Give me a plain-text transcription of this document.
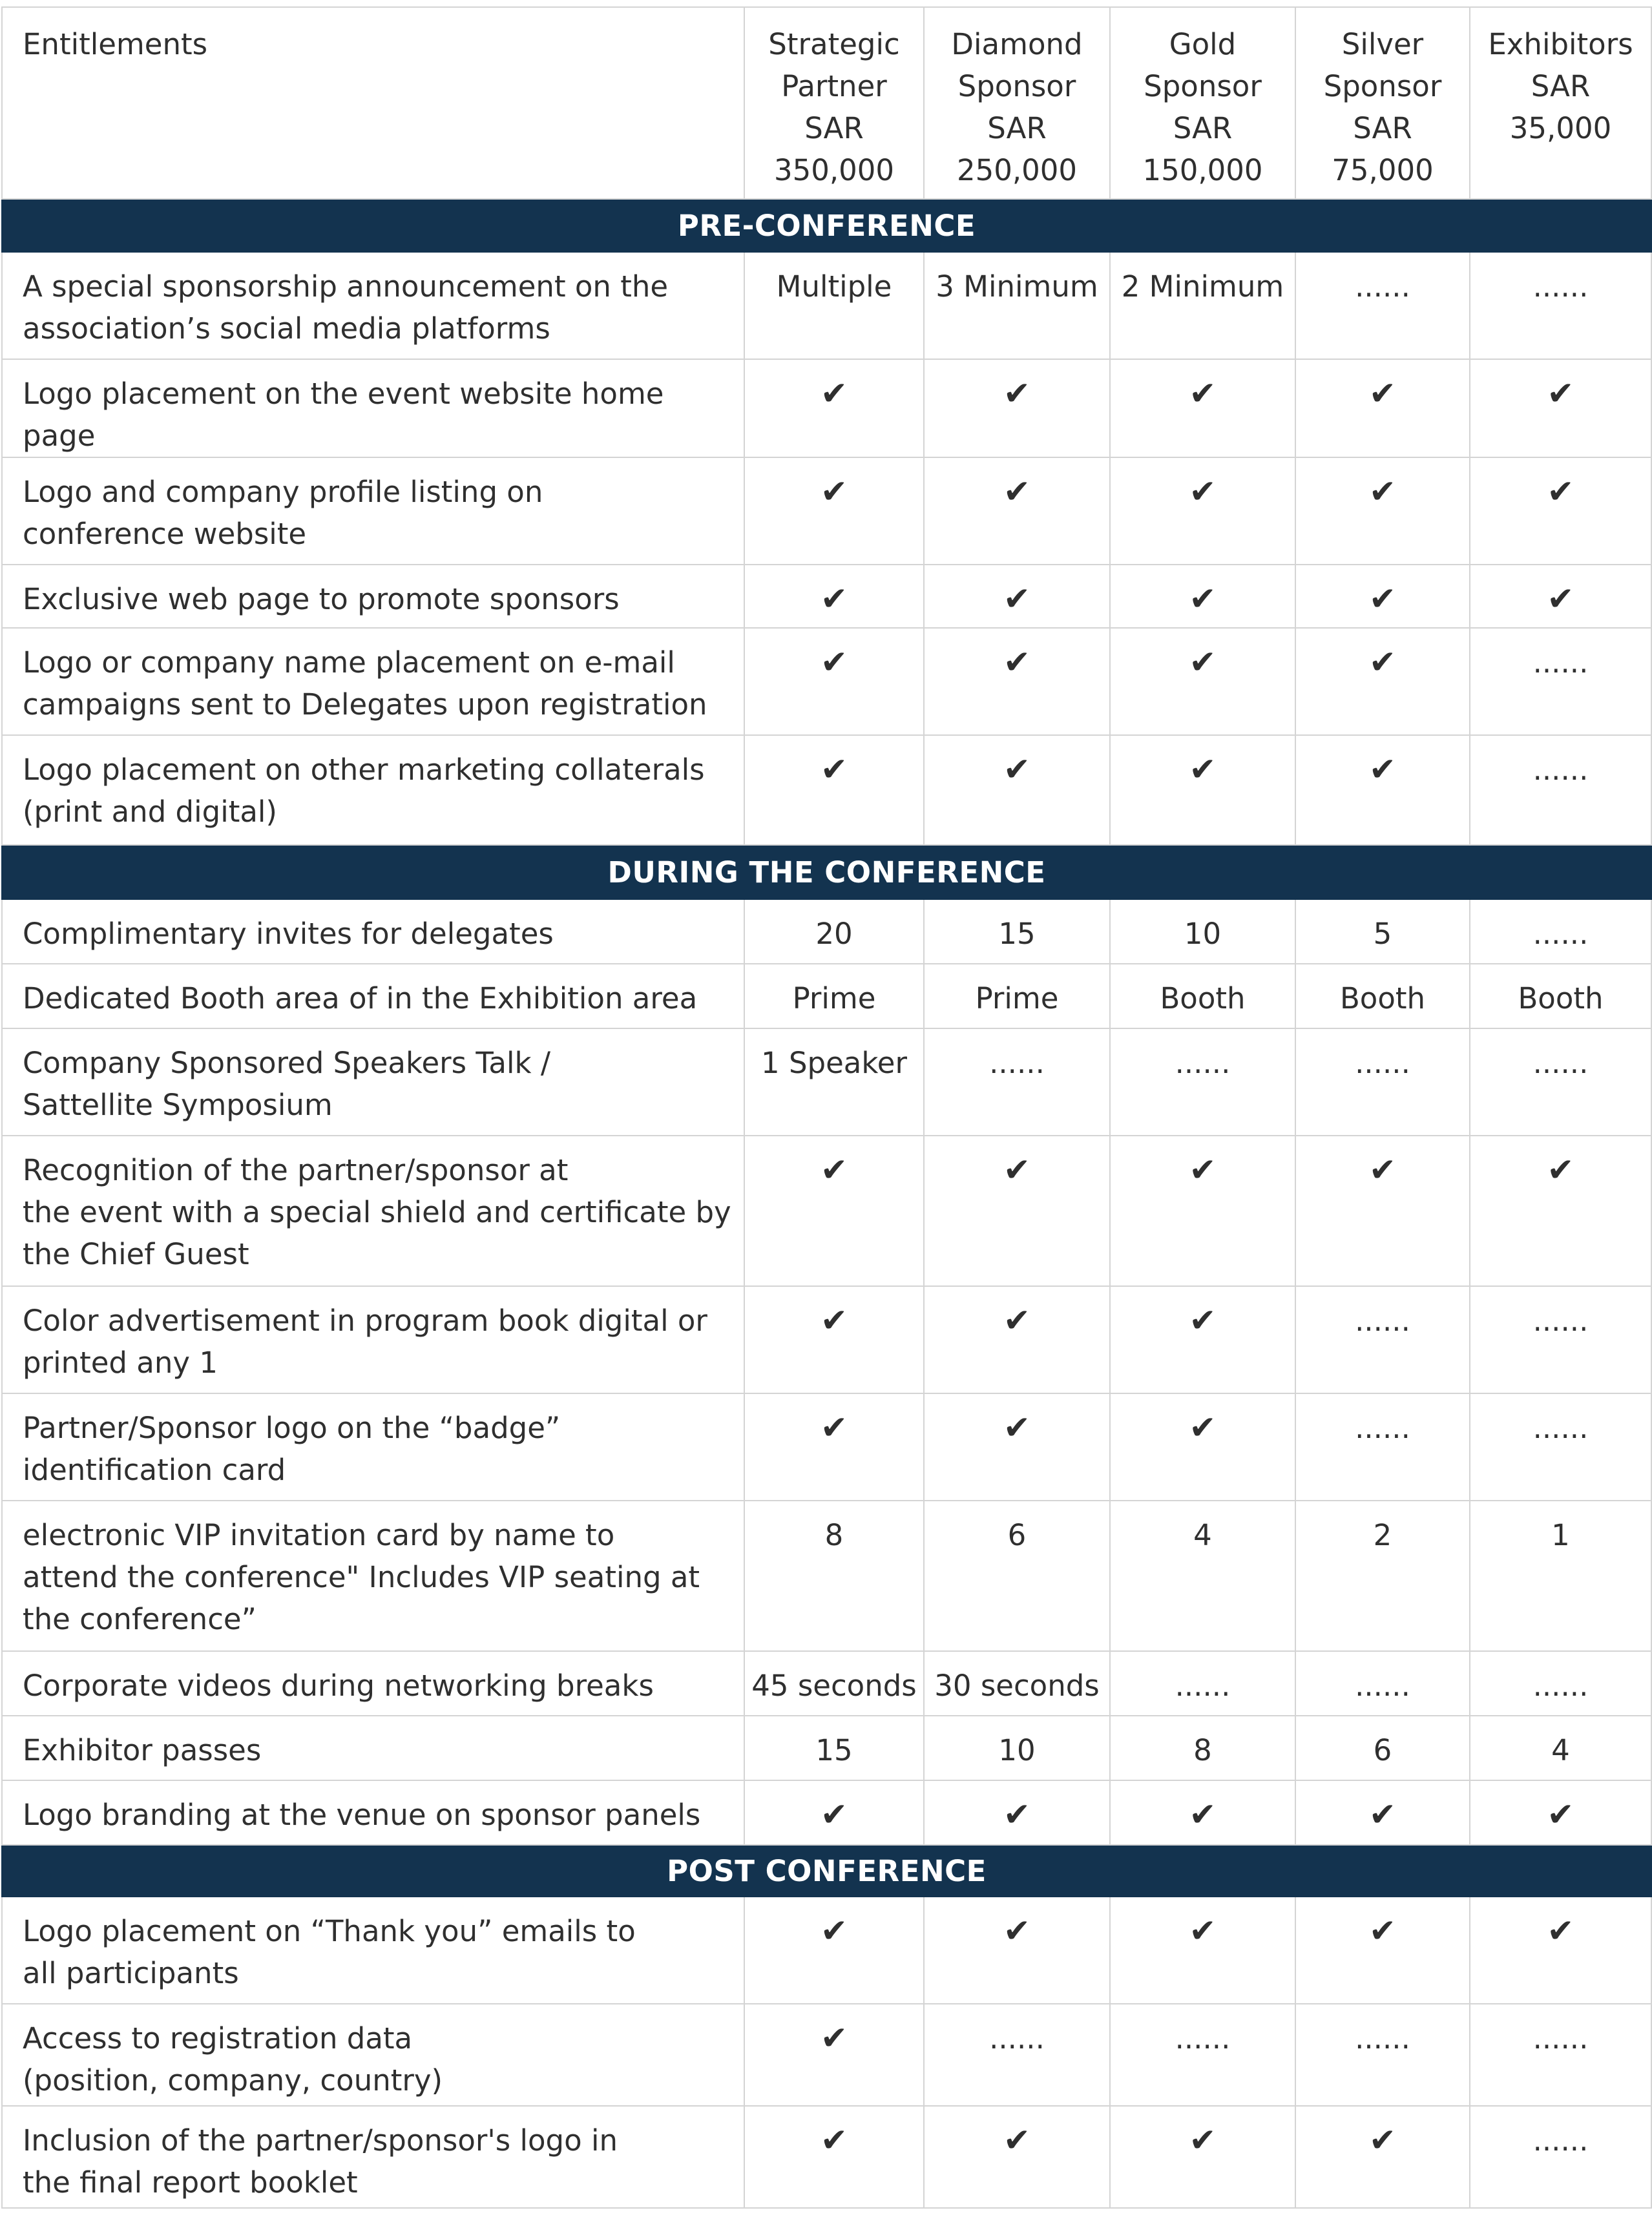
Entitlements	Strategic
Partner
SAR
350,000	Diamond
Sponsor
SAR
250,000	Gold
Sponsor
SAR
150,000	Silver
Sponsor
SAR
75,000	Exhibitors
SAR
35,000

PRE-CONFERENCE					

A special sponsorship announcement on the
association’s social media platforms	Multiple	3 Minimum	2 Minimum	......	......

Logo placement on the event website home page	✔	✔	✔	✔	✔

Logo and company profile listing on
conference website	✔	✔	✔	✔	✔

Exclusive web page to promote sponsors	✔	✔	✔	✔	✔

Logo or company name placement on e-mail
campaigns sent to Delegates upon registration	✔	✔	✔	✔	......

Logo placement on other marketing collaterals
(print and digital)	✔	✔	✔	✔	......
DURING THE CONFERENCE					

Complimentary invites for delegates	20	15	10	5	......

Dedicated Booth area of in the Exhibition area	Prime	Prime	Booth	Booth	Booth

Company Sponsored Speakers Talk /
Sattellite Symposium	1 Speaker	......	......	......	......

Recognition of the partner/sponsor at
the event with a special shield and certificate by
the Chief Guest	✔	✔	✔	✔	✔

Color advertisement in program book digital or
printed any 1	✔	✔	✔	......	......

Partner/Sponsor logo on the “badge”
identification card	✔	✔	✔	......	......

electronic VIP invitation card by name to
attend the conference" Includes VIP seating at
the conference”	8	6	4	2	1

Corporate videos during networking breaks	45 seconds	30 seconds	......	......	......

Exhibitor passes	15	10	8	6	4

Logo branding at the venue on sponsor panels	✔	✔	✔	✔	✔
POST CONFERENCE					

Logo placement on “Thank you” emails to
all participants	✔	✔	✔	✔	✔

Access to registration data
(position, company, country)	✔	......	......	......	......

Inclusion of the partner/sponsor's logo in
the final report booklet	✔	✔	✔	✔	......
